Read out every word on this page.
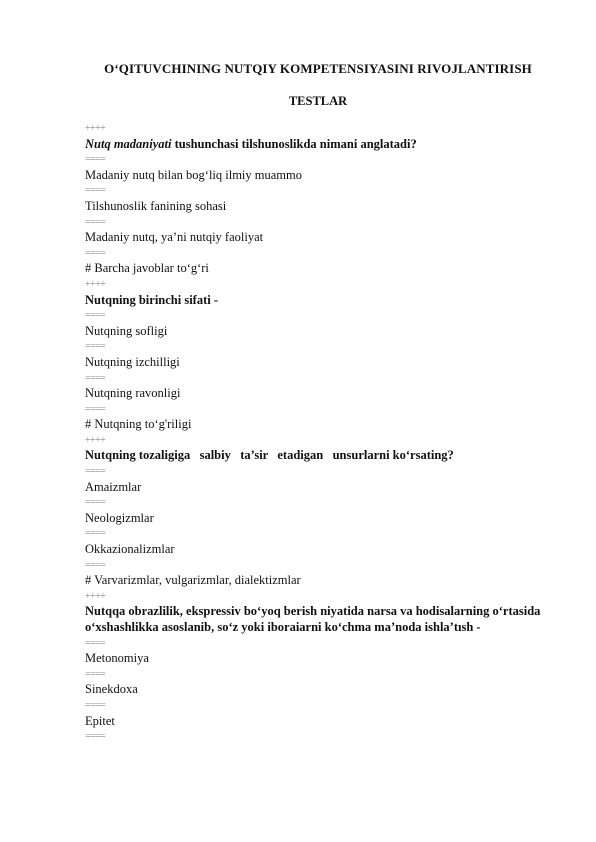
O‘QITUVCHINING NUTQIY KOMPETENSIYASINI RIVOJLANTIRISH
TESTLAR
++++
Nutq madaniyati tushunchasi tilshunoslikda nimani anglatadi?
====
Madaniy nutq bilan bog‘liq ilmiy muammo
====
Tilshunoslik fanining sohasi
====
Madaniy nutq, ya’ni nutqiy faoliyat
====
# Barcha javoblar to‘g‘ri
++++
Nutqning birinchi sifati -
====
Nutqning sofligi
====
Nutqning izchilligi
====
Nutqning ravonligi
====
# Nutqning to‘g'riligi
++++
Nutqning tozaligiga   salbiy   ta’sir   etadigan   unsurlarni ko‘rsating?
====
Amaizmlar
====
Neologizmlar
====
Okkazionalizmlar
====
# Varvarizmlar, vulgarizmlar, dialektizmlar
++++
Nutqqa obrazlilik, ekspressiv bo‘yoq berish niyatida narsa va hodisalarning o‘rtasida o‘xshashlikka asoslanib, so‘z yoki iboraiarni ko‘chma ma’noda ishla’tısh -
====
Metonomiya
====
Sinekdoxa
====
Epitet
====
